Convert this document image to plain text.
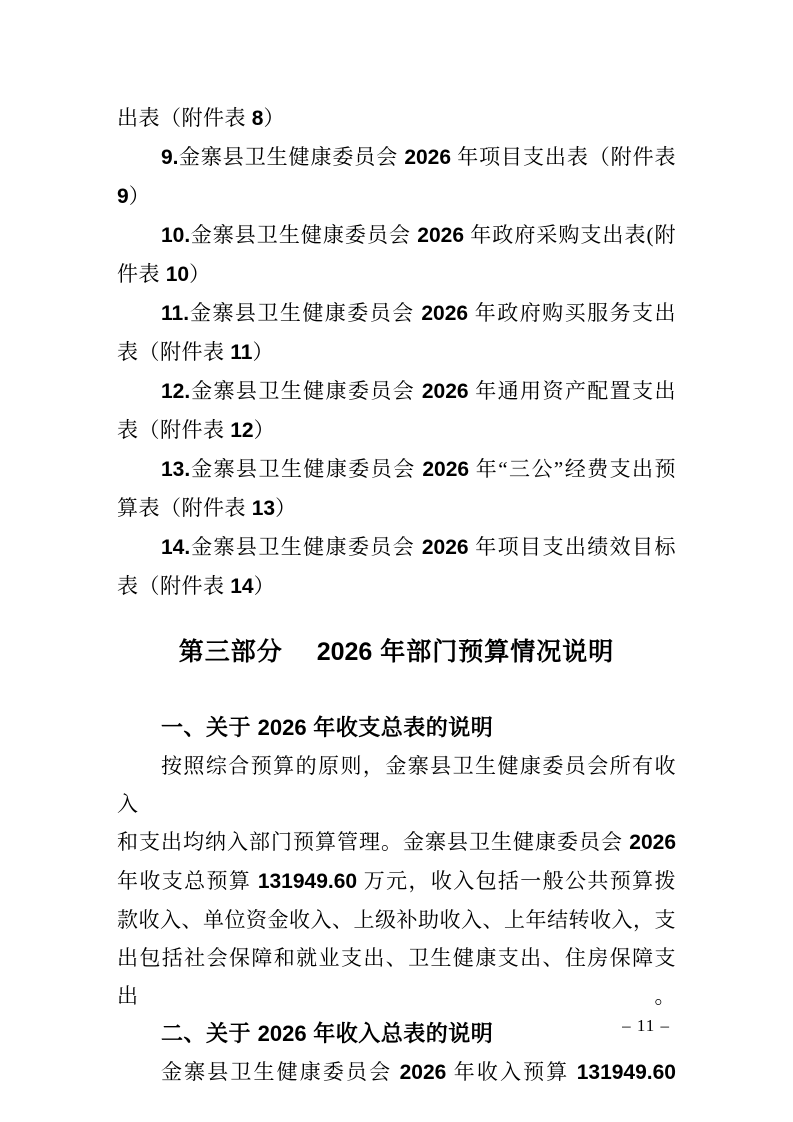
出表（附件表 8）
9.金寨县卫生健康委员会 2026 年项目支出表（附件表
9）
10.金寨县卫生健康委员会 2026 年政府采购支出表(附
件表 10）
11.金寨县卫生健康委员会 2026 年政府购买服务支出
表（附件表 11）
12.金寨县卫生健康委员会 2026 年通用资产配置支出
表（附件表 12）
13.金寨县卫生健康委员会 2026 年“三公”经费支出预
算表（附件表 13）
14.金寨县卫生健康委员会 2026 年项目支出绩效目标
表（附件表 14）
第三部分　 2026 年部门预算情况说明
一、关于 2026 年收支总表的说明
按照综合预算的原则，金寨县卫生健康委员会所有收入
和支出均纳入部门预算管理。金寨县卫生健康委员会 2026
年收支总预算 131949.60 万元，收入包括一般公共预算拨
款收入、单位资金收入、上级补助收入、上年结转收入，支
出包括社会保障和就业支出、卫生健康支出、住房保障支出。
二、关于 2026 年收入总表的说明
金寨县卫生健康委员会 2026 年收入预算 131949.60
– 11 –
